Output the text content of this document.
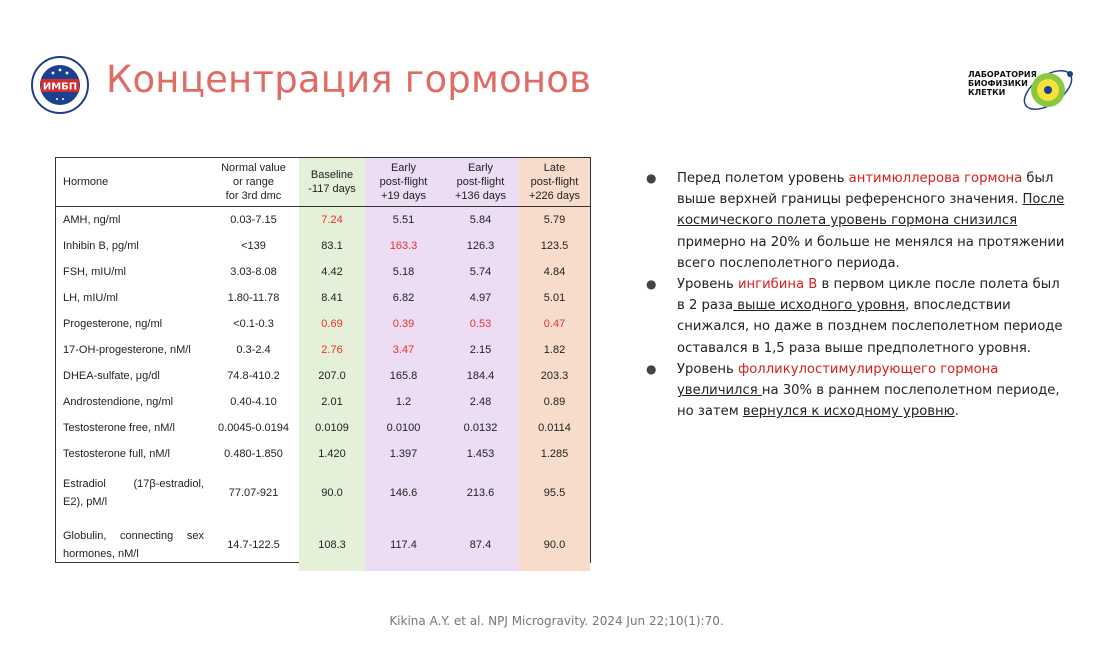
ИМБП Концентрация гормонов	ЛАБОРАТОРИЯ
БИОФИЗИКИ
КЛЕТКИ
Hormone	Normal value
or range
for 3rd dmc	Baseline
-117 days	Early
post-flight
+19 days	Early
post-flight
+136 days	Late
post-flight
+226 days
AMH, ng/ml	0.03-7.15	7.24	5.51	5.84	5.79
Inhibin B, pg/ml	<139	83.1	163.3	126.3	123.5
FSH, mIU/ml	3.03-8.08	4.42	5.18	5.74	4.84
LH, mIU/ml	1.80-11.78	8.41	6.82	4.97	5.01
Progesterone, ng/ml	<0.1-0.3	0.69	0.39	0.53	0.47
17-OH-progesterone, nM/l	0.3-2.4	2.76	3.47	2.15	1.82
DHEA-sulfate, μg/dl	74.8-410.2	207.0	165.8	184.4	203.3
Androstendione, ng/ml	0.40-4.10	2.01	1.2	2.48	0.89
Testosterone free, nM/l	0.0045-0.0194	0.0109	0.0100	0.0132	0.0114
Testosterone full, nM/l	0.480-1.850	1.420	1.397	1.453	1.285

Estradiol (17β-estradiol,
E2), pM/l	77.07-921	90.0	146.6	213.6	95.5

Globulin, connecting sex
hormones, nM/l	14.7-122.5	108.3	117.4	87.4	90.0
● Перед полетом уровень антимюллерова гормона был выше верхней границы референсного значения. После космического полета уровень гормона снизился примерно на 20% и больше не менялся на протяжении всего послеполетного периода.
● Уровень ингибина В в первом цикле после полета был в 2 раза выше исходного уровня, впоследствии снижался, но даже в позднем послеполетном периоде оставался в 1,5 раза выше предполетного уровня.
● Уровень фолликулостимулирующего гормона увеличился на 30% в раннем послеполетном периоде, но затем вернулся к исходному уровню.
Kikina A.Y. et al. NPJ Microgravity. 2024 Jun 22;10(1):70.
